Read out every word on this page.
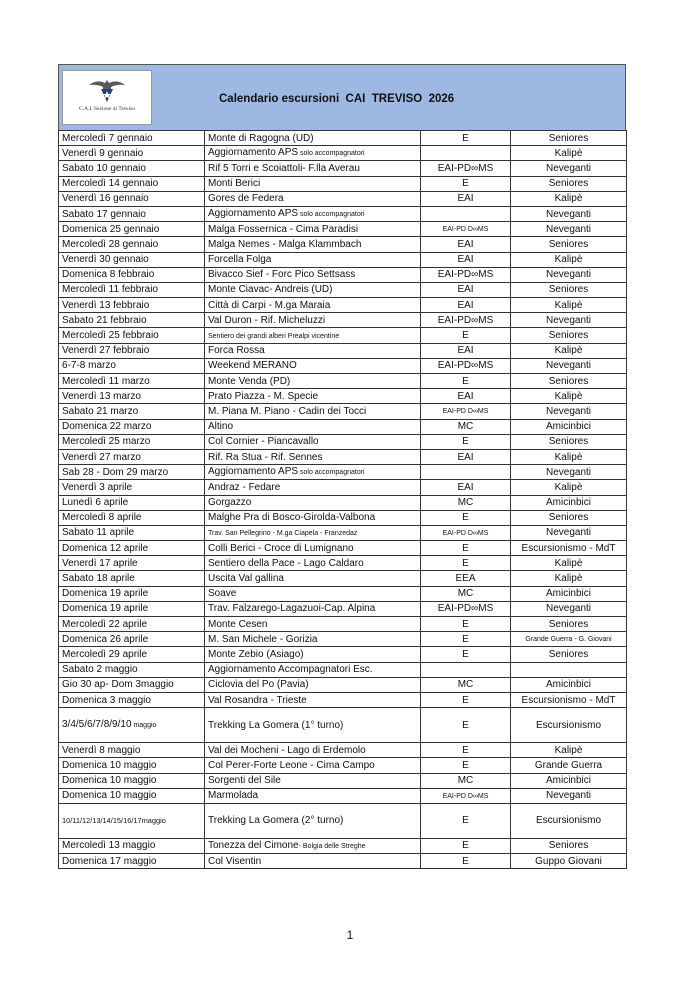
C.A.I. Sezione di Treviso
Calendario escursioni  CAI  TREVISO  2026
Mercoledì 7 gennaio	Monte di Ragogna (UD)	E	Seniores
Venerdì 9 gennaio	Aggiornamento APS solo accompagnatori		Kalipè
Sabato 10 gennaio	Rif 5 Torri e Scoiattoli- F.lla Averau	EAI-PD∞MS	Neveganti
Mercoledì 14 gennaio	Monti Berici	E	Seniores
Venerdì 16 gennaio	Gores de Federa	EAI	Kalipè
Sabato 17 gennaio	Aggiornamento APS solo accompagnatori		Neveganti
Domenica 25 gennaio	Malga Fossernica - Cima Paradisi	EAI-PD D∞MS	Neveganti
Mercoledì 28 gennaio	Malga Nemes - Malga Klammbach	EAI	Seniores
Venerdì 30 gennaio	Forcella Folga	EAI	Kalipè
Domenica 8 febbraio	Bivacco Sief - Forc Pico Settsass	EAI-PD∞MS	Neveganti
Mercoledì 11 febbraio	Monte Ciavac- Andreis (UD)	EAI	Seniores
Venerdì 13 febbraio	Città di Carpi - M.ga Maraia	EAI	Kalipè
Sabato 21 febbraio	Val Duron - Rif. Micheluzzi	EAI-PD∞MS	Neveganti
Mercoledì 25 febbraio	Sentiero dei grandi alberi Prealpi vicentine	E	Seniores
Venerdì 27 febbraio	Forca Rossa	EAI	Kalipè
6-7-8 marzo	Weekend MERANO	EAI-PD∞MS	Neveganti
Mercoledì 11 marzo	Monte Venda (PD)	E	Seniores
Venerdì 13 marzo	Prato Piazza - M. Specie	EAI	Kalipè
Sabato 21 marzo	M. Piana M. Piano - Cadin dei Tocci	EAI-PD D∞MS	Neveganti
Domenica 22 marzo	Altino	MC	Amicinbici
Mercoledì 25 marzo	Col Cornier - Piancavallo	E	Seniores
Venerdì 27 marzo	Rif. Ra Stua - Rif. Sennes	EAI	Kalipè
Sab 28 - Dom 29 marzo	Aggiornamento APS solo accompagnatori		Neveganti
Venerdì 3 aprile	Andraz - Fedare	EAI	Kalipè
Lunedì 6 aprile	Gorgazzo	MC	Amicinbici
Mercoledì 8 aprile	Malghe Pra di Bosco-Girolda-Valbona	E	Seniores
Sabato 11 aprile	Trav. San Pellegrino - M.ga Ciapela - Franzedaz	EAI-PD D∞MS	Neveganti
Domenica 12 aprile	Colli Berici - Croce di Lumignano	E	Escursionismo - MdT
Venerdì 17 aprile	Sentiero della Pace - Lago Caldaro	E	Kalipè
Sabato 18 aprile	Uscita Val gallina	EEA	Kalipè
Domenica 19 aprile	Soave	MC	Amicinbici
Domenica 19 aprile	Trav. Falzarego-Lagazuoi-Cap. Alpina	EAI-PD∞MS	Neveganti
Mercoledì 22 aprile	Monte Cesen	E	Seniores
Domenica 26 aprile	M. San Michele - Gorizia	E	Grande Guerra - G. Giovani
Mercoledì 29 aprile	Monte Zebio (Asiago)	E	Seniores
Sabato 2 maggio	Aggiornamento Accompagnatori Esc.		
Gio 30 ap- Dom 3maggio	Ciclovia del Po (Pavia)	MC	Amicinbici
Domenica 3 maggio	Val Rosandra - Trieste	E	Escursionismo - MdT
3/4/5/6/7/8/9/10 maggio	Trekking La Gomera (1° turno)	E	Escursionismo
Venerdì 8 maggio	Val dei Mocheni - Lago di Erdemolo	E	Kalipè
Domenica 10 maggio	Col Perer-Forte Leone - Cima Campo	E	Grande Guerra
Domenica 10 maggio	Sorgenti del Sile	MC	Amicinbici
Domenica 10 maggio	Marmolada	EAI-PD D∞MS	Neveganti
10/11/12/13/14/15/16/17maggio	Trekking La Gomera (2° turno)	E	Escursionismo
Mercoledì 13 maggio	Tonezza del Cimone- Bolgia delle Streghe	E	Seniores
Domenica 17 maggio	Col Visentin	E	Guppo Giovani
1
